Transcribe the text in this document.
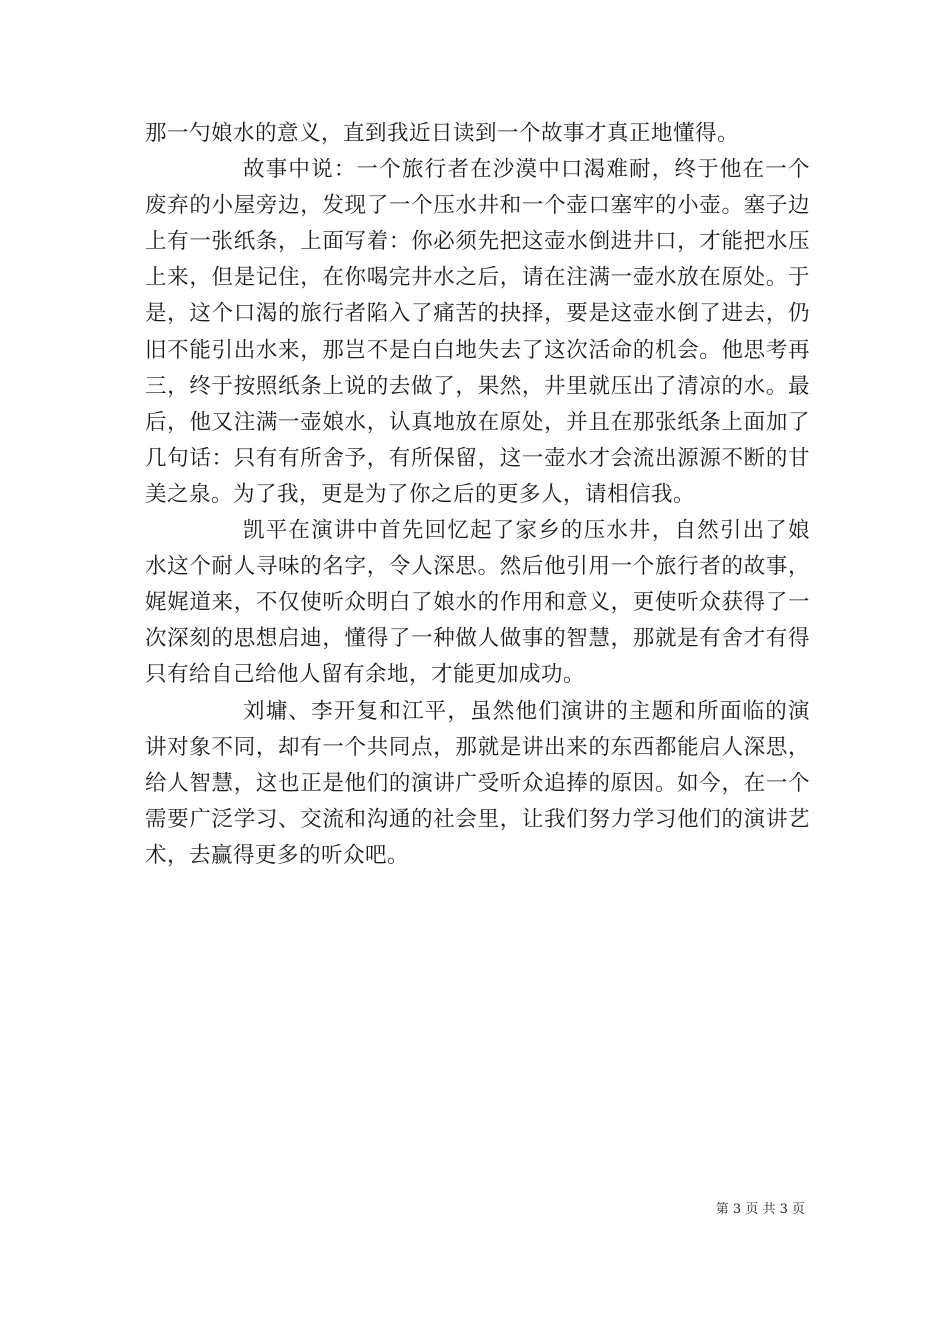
那一勺娘水的意义，直到我近日读到一个故事才真正地懂得。

故事中说：一个旅行者在沙漠中口渴难耐，终于他在一个废弃的小屋旁边，发现了一个压水井和一个壶口塞牢的小壶。塞子边上有一张纸条，上面写着：你必须先把这壶水倒进井口，才能把水压上来，但是记住，在你喝完井水之后，请在注满一壶水放在原处。于是，这个口渴的旅行者陷入了痛苦的抉择，要是这壶水倒了进去，仍旧不能引出水来，那岂不是白白地失去了这次活命的机会。他思考再三，终于按照纸条上说的去做了，果然，井里就压出了清凉的水。最后，他又注满一壶娘水，认真地放在原处，并且在那张纸条上面加了几句话：只有有所舍予，有所保留，这一壶水才会流出源源不断的甘美之泉。为了我，更是为了你之后的更多人，请相信我。

凯平在演讲中首先回忆起了家乡的压水井，自然引出了娘水这个耐人寻味的名字，令人深思。然后他引用一个旅行者的故事，娓娓道来，不仅使听众明白了娘水的作用和意义，更使听众获得了一次深刻的思想启迪，懂得了一种做人做事的智慧，那就是有舍才有得只有给自己给他人留有余地，才能更加成功。

刘墉、李开复和江平，虽然他们演讲的主题和所面临的演讲对象不同，却有一个共同点，那就是讲出来的东西都能启人深思，给人智慧，这也正是他们的演讲广受听众追捧的原因。如今，在一个需要广泛学习、交流和沟通的社会里，让我们努力学习他们的演讲艺术，去赢得更多的听众吧。

第 3 页 共 3 页
